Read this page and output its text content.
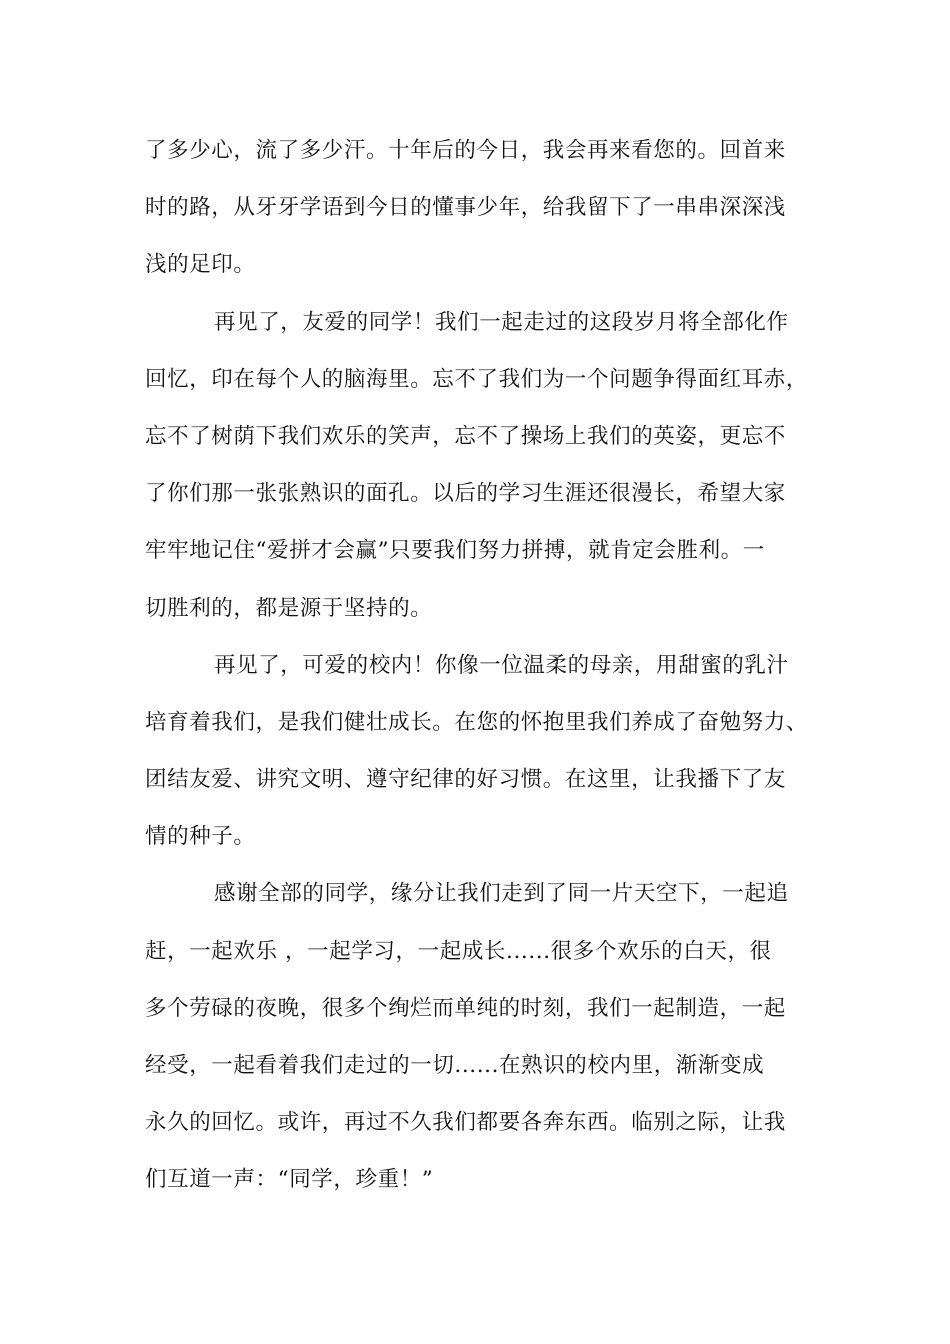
了多少心，流了多少汗。十年后的今日，我会再来看您的。回首来
时的路，从牙牙学语到今日的懂事少年，给我留下了一串串深深浅
浅的足印。
再见了，友爱的同学！我们一起走过的这段岁月将全部化作
回忆，印在每个人的脑海里。忘不了我们为一个问题争得面红耳赤，
忘不了树荫下我们欢乐的笑声，忘不了操场上我们的英姿，更忘不
了你们那一张张熟识的面孔。以后的学习生涯还很漫长，希望大家
牢牢地记住“爱拼才会赢”只要我们努力拼搏，就肯定会胜利。一
切胜利的，都是源于坚持的。
再见了，可爱的校内！你像一位温柔的母亲，用甜蜜的乳汁
培育着我们，是我们健壮成长。在您的怀抱里我们养成了奋勉努力、
团结友爱、讲究文明、遵守纪律的好习惯。在这里，让我播下了友
情的种子。
感谢全部的同学，缘分让我们走到了同一片天空下，一起追
赶，一起欢乐 ，一起学习，一起成长......很多个欢乐的白天，很
多个劳碌的夜晚，很多个绚烂而单纯的时刻，我们一起制造，一起
经受，一起看着我们走过的一切......在熟识的校内里，渐渐变成
永久的回忆。或许，再过不久我们都要各奔东西。临别之际，让我
们互道一声：“同学，珍重！”
